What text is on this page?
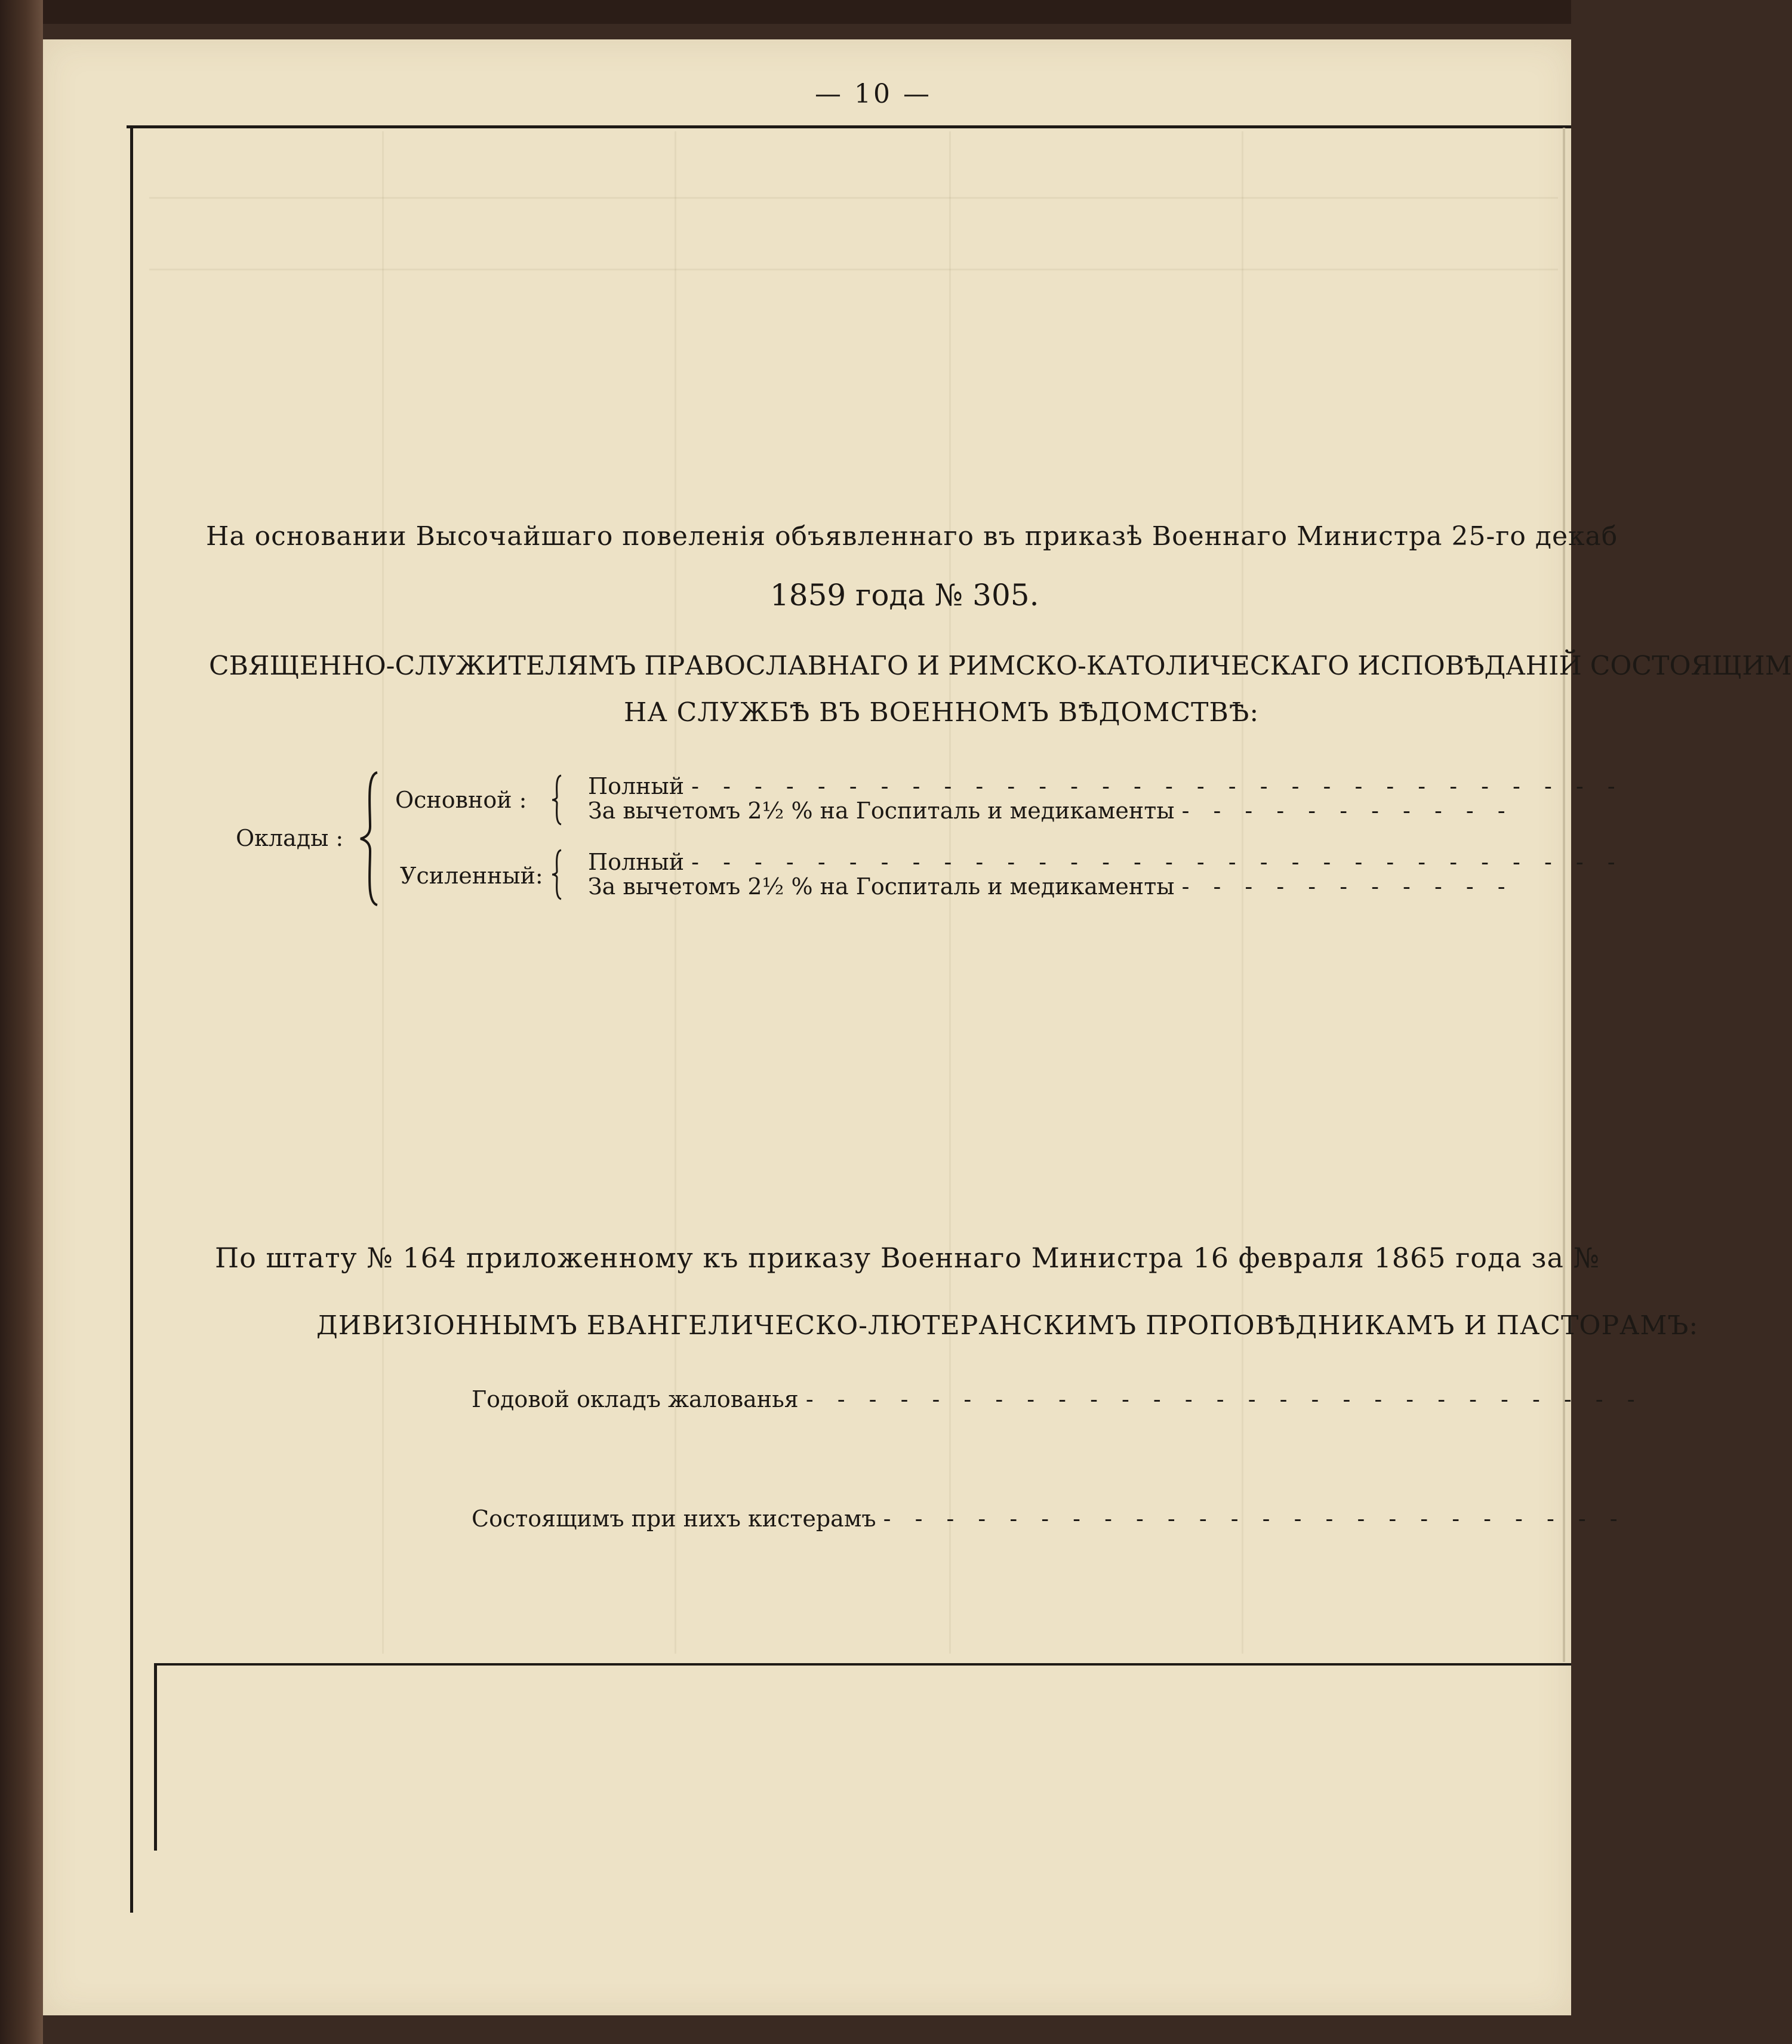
— 10 —
На основании Высочайшаго повеленія объявленнаго въ приказѣ Военнаго Министра 25-го декаб
1859 года № 305.
СВЯЩЕННО-СЛУЖИТЕЛЯМЪ ПРАВОСЛАВНАГО И РИМСКО-КАТОЛИЧЕСКАГО ИСПОВѢДАНІЙ СОСТОЯЩИМ
НА СЛУЖБѢ ВЪ ВОЕННОМЪ ВѢДОМСТВѢ:
Оклады :
Основной :
Полный - - - - - - - - - - - - - - - - - - - - - - - - - - - - - -
За вычетомъ 2½ % на Госпиталь и медикаменты - - - - - - - - - - -
Усиленный:
Полный - - - - - - - - - - - - - - - - - - - - - - - - - - - - - -
За вычетомъ 2½ % на Госпиталь и медикаменты - - - - - - - - - - -
По штату № 164 приложенному къ приказу Военнаго Министра 16 февраля 1865 года за №
ДИВИЗІОННЫМЪ ЕВАНГЕЛИЧЕСКО-ЛЮТЕРАНСКИМЪ ПРОПОВѢДНИКАМЪ И ПАСТОРАМЪ:
Годовой окладъ жалованья - - - - - - - - - - - - - - - - - - - - - - - - - - -
Состоящимъ при нихъ кистерамъ - - - - - - - - - - - - - - - - - - - - - - - -
